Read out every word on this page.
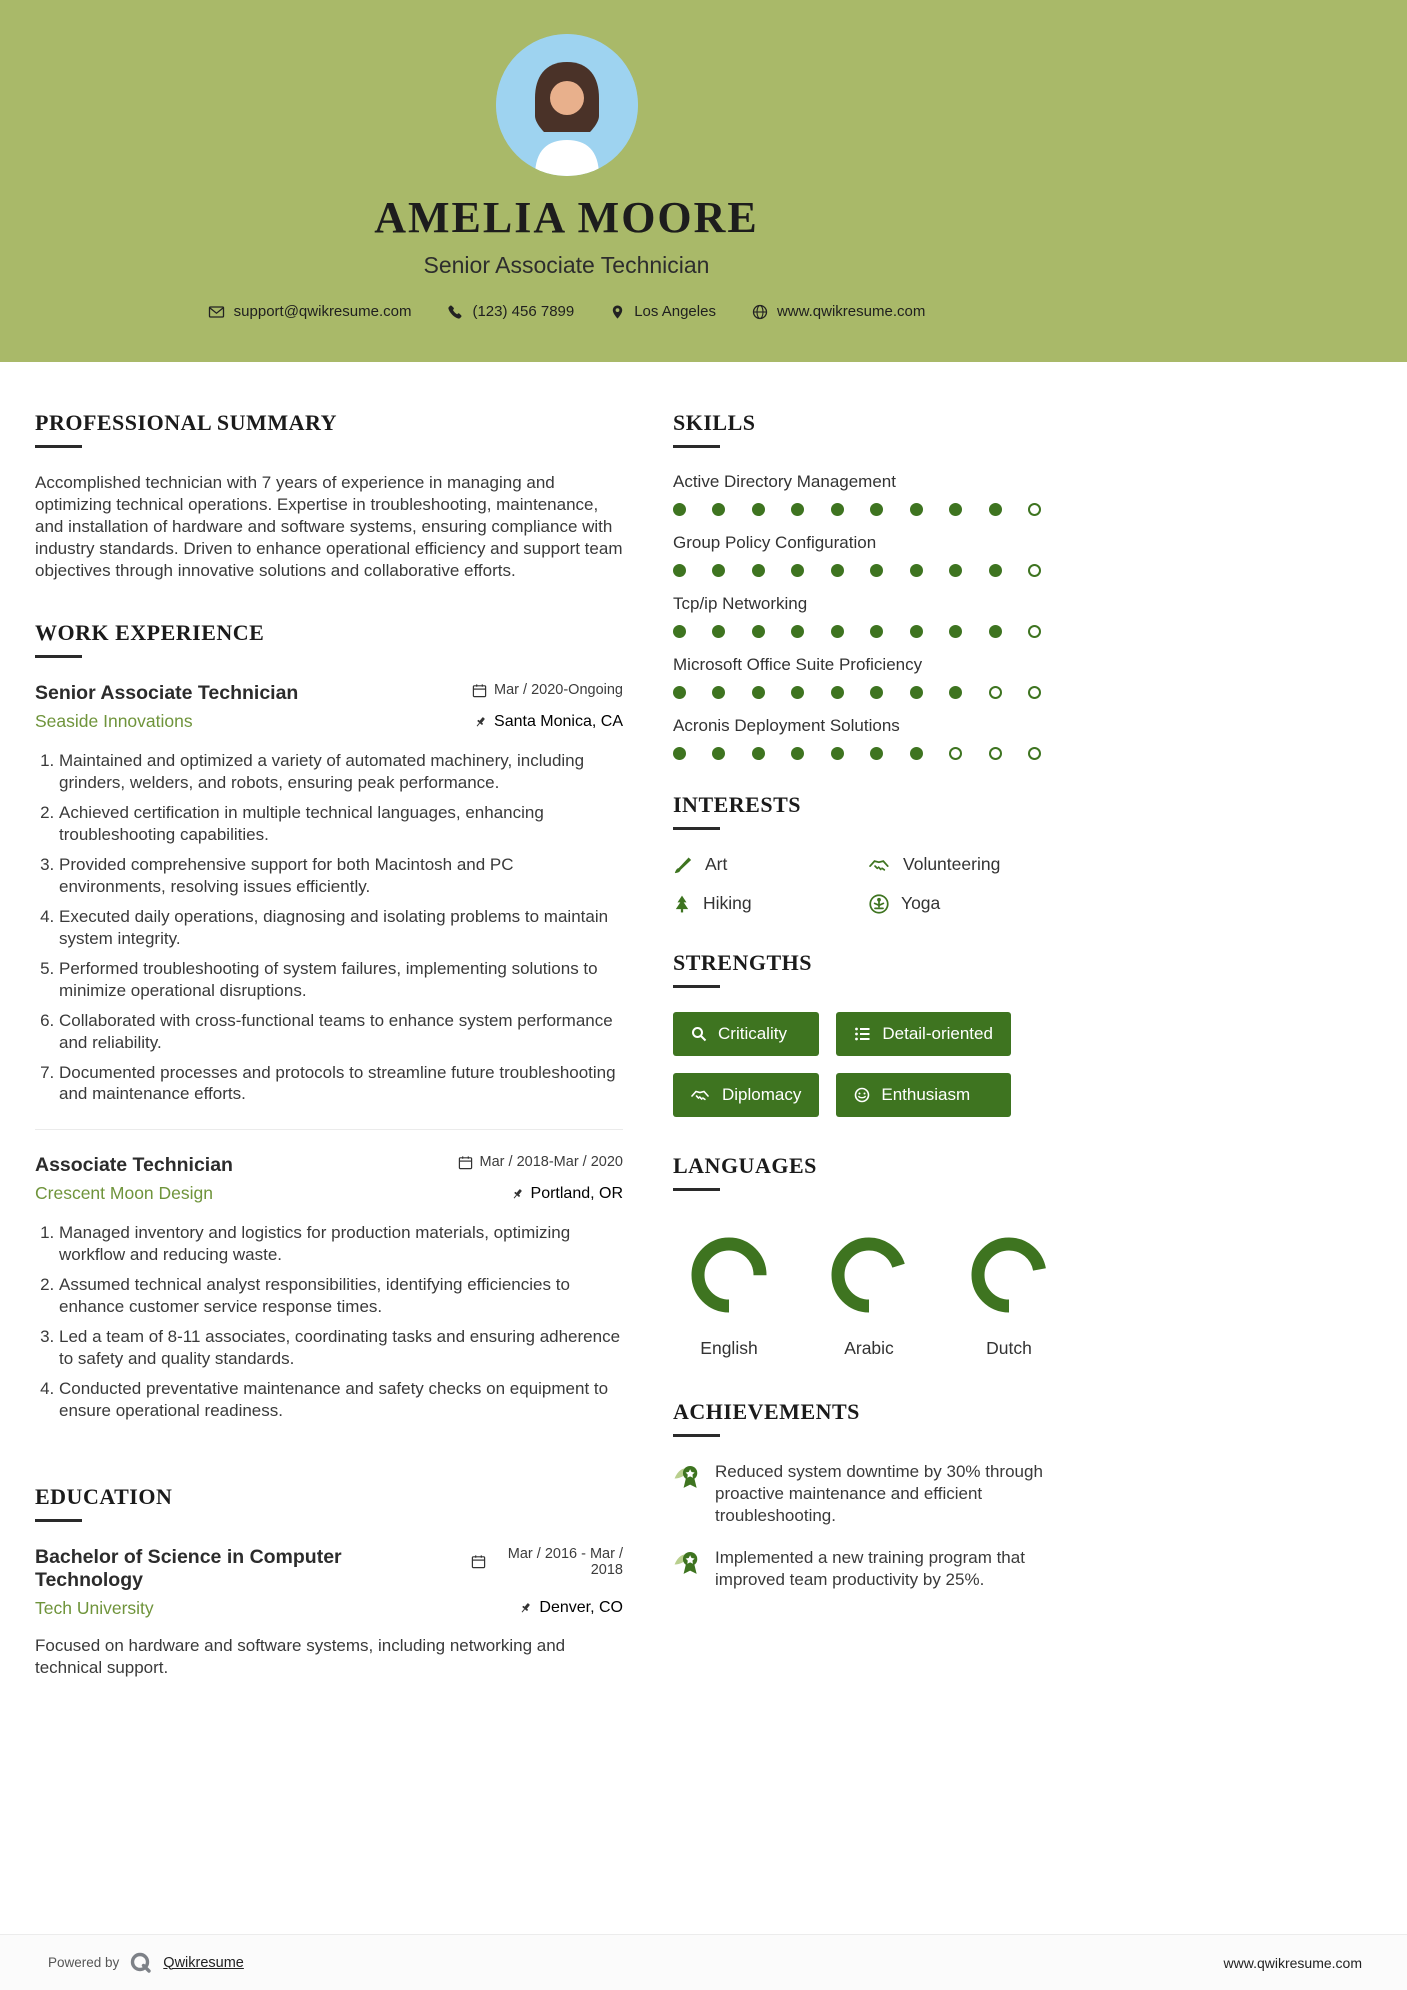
AMELIA MOORE
Senior Associate Technician
support@qwikresume.com	(123) 456 7899	Los Angeles	www.qwikresume.com
PROFESSIONAL SUMMARY

Accomplished technician with 7 years of experience in managing and optimizing technical operations. Expertise in troubleshooting, maintenance, and installation of hardware and software systems, ensuring compliance with industry standards. Driven to enhance operational efficiency and support team objectives through innovative solutions and collaborative efforts.

WORK EXPERIENCE
Senior Associate Technician	Mar / 2020-Ongoing
Seaside Innovations	Santa Monica, CA
1. Maintained and optimized a variety of automated machinery, including grinders, welders, and robots, ensuring peak performance.
2. Achieved certification in multiple technical languages, enhancing troubleshooting capabilities.
3. Provided comprehensive support for both Macintosh and PC environments, resolving issues efficiently.
4. Executed daily operations, diagnosing and isolating problems to maintain system integrity.
5. Performed troubleshooting of system failures, implementing solutions to minimize operational disruptions.
6. Collaborated with cross-functional teams to enhance system performance and reliability.
7. Documented processes and protocols to streamline future troubleshooting and maintenance efforts.
Associate Technician	Mar / 2018-Mar / 2020
Crescent Moon Design	Portland, OR
1. Managed inventory and logistics for production materials, optimizing workflow and reducing waste.
2. Assumed technical analyst responsibilities, identifying efficiencies to enhance customer service response times.
3. Led a team of 8-11 associates, coordinating tasks and ensuring adherence to safety and quality standards.
4. Conducted preventative maintenance and safety checks on equipment to ensure operational readiness.
EDUCATION
Bachelor of Science in Computer Technology
Mar / 2016 - Mar / 2018
Tech University	Denver, CO

Focused on hardware and software systems, including networking and technical support.

SKILLS
Active Directory Management
Group Policy Configuration
Tcp/ip Networking
Microsoft Office Suite Proficiency
Acronis Deployment Solutions
INTERESTS
Art	Volunteering
Hiking	Yoga
STRENGTHS
Criticality	Detail-oriented
Diplomacy	Enthusiasm
LANGUAGES
English	Arabic	Dutch
ACHIEVEMENTS
Reduced system downtime by 30% through proactive maintenance and efficient troubleshooting.
Implemented a new training program that improved team productivity by 25%.
Powered by	Qwikresume	www.qwikresume.com
